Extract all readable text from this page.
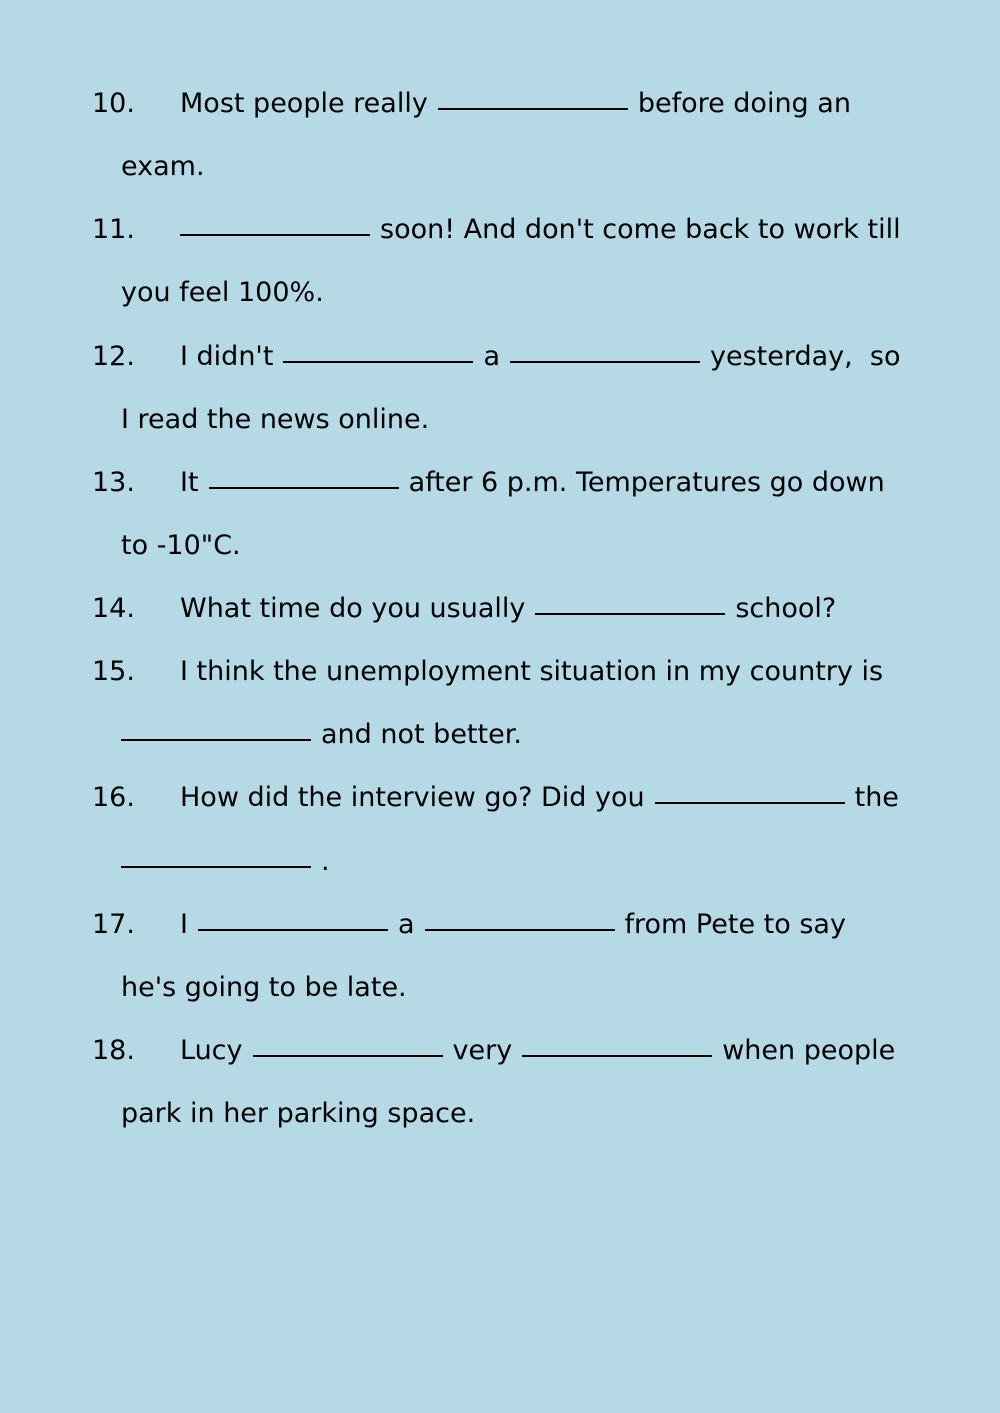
10.	Most people really	before doing an
exam.
11.	soon! And don't come back to work till
you feel 100%.
12.	I didn't	a	yesterday,  so
I read the news online.
13.	It	after 6 p.m. Temperatures go down
to -10"C.
14.	What time do you usually	school?
15.	I think the unemployment situation in my country is
and not better.
16.	How did the interview go? Did you	the
.
17.	I	a	from Pete to say
he's going to be late.
18.	Lucy	very	when people
park in her parking space.
